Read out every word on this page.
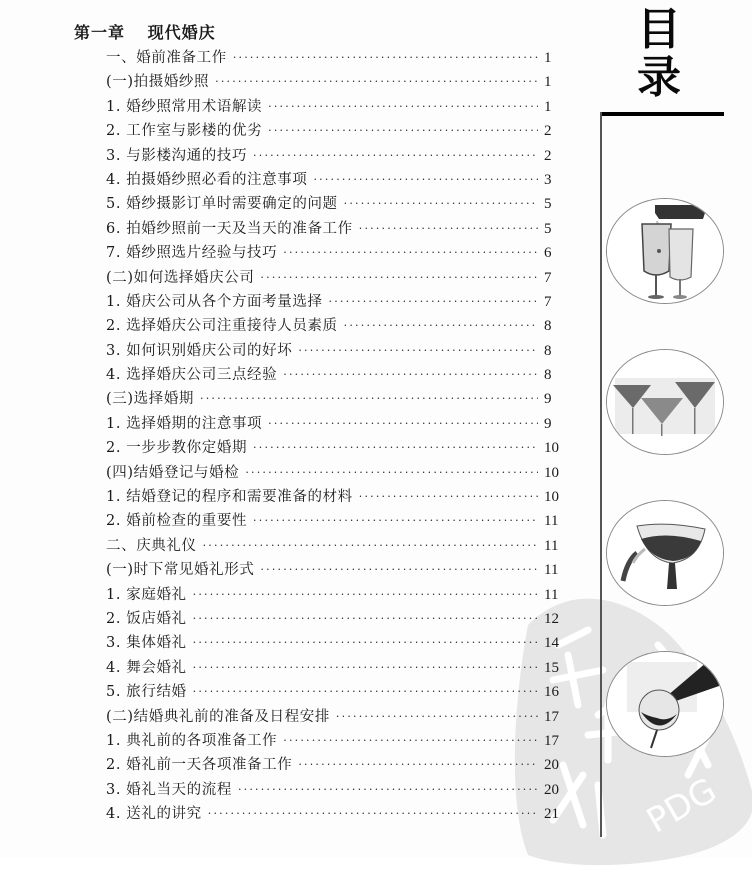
PDG
第一章 现代婚庆
一、婚前准备工作 ·····	1
(一)拍摄婚纱照 ·····	1
1. 婚纱照常用术语解读 ·····	1
2. 工作室与影楼的优劣 ·····	2
3. 与影楼沟通的技巧 ·····	2
4. 拍摄婚纱照必看的注意事项 ·····	3
5. 婚纱摄影订单时需要确定的问题 ·····	5
6. 拍婚纱照前一天及当天的准备工作 ·····	5
7. 婚纱照选片经验与技巧 ·····	6
(二)如何选择婚庆公司 ·····	7
1. 婚庆公司从各个方面考量选择 ·····	7
2. 选择婚庆公司注重接待人员素质 ·····	8
3. 如何识别婚庆公司的好坏 ·····	8
4. 选择婚庆公司三点经验 ·····	8
(三)选择婚期 ·····	9
1. 选择婚期的注意事项 ·····	9
2. 一步步教你定婚期 ·····	10
(四)结婚登记与婚检 ·····	10
1. 结婚登记的程序和需要准备的材料 ·····	10
2. 婚前检查的重要性 ·····	11
二、庆典礼仪 ·····	11
(一)时下常见婚礼形式 ·····	11
1. 家庭婚礼 ·····	11
2. 饭店婚礼 ·····	12
3. 集体婚礼 ·····	14
4. 舞会婚礼 ·····	15
5. 旅行结婚 ·····	16
(二)结婚典礼前的准备及日程安排 ·····	17
1. 典礼前的各项准备工作 ·····	17
2. 婚礼前一天各项准备工作 ·····	20
3. 婚礼当天的流程 ·····	20
4. 送礼的讲究 ·····	21
目
录
